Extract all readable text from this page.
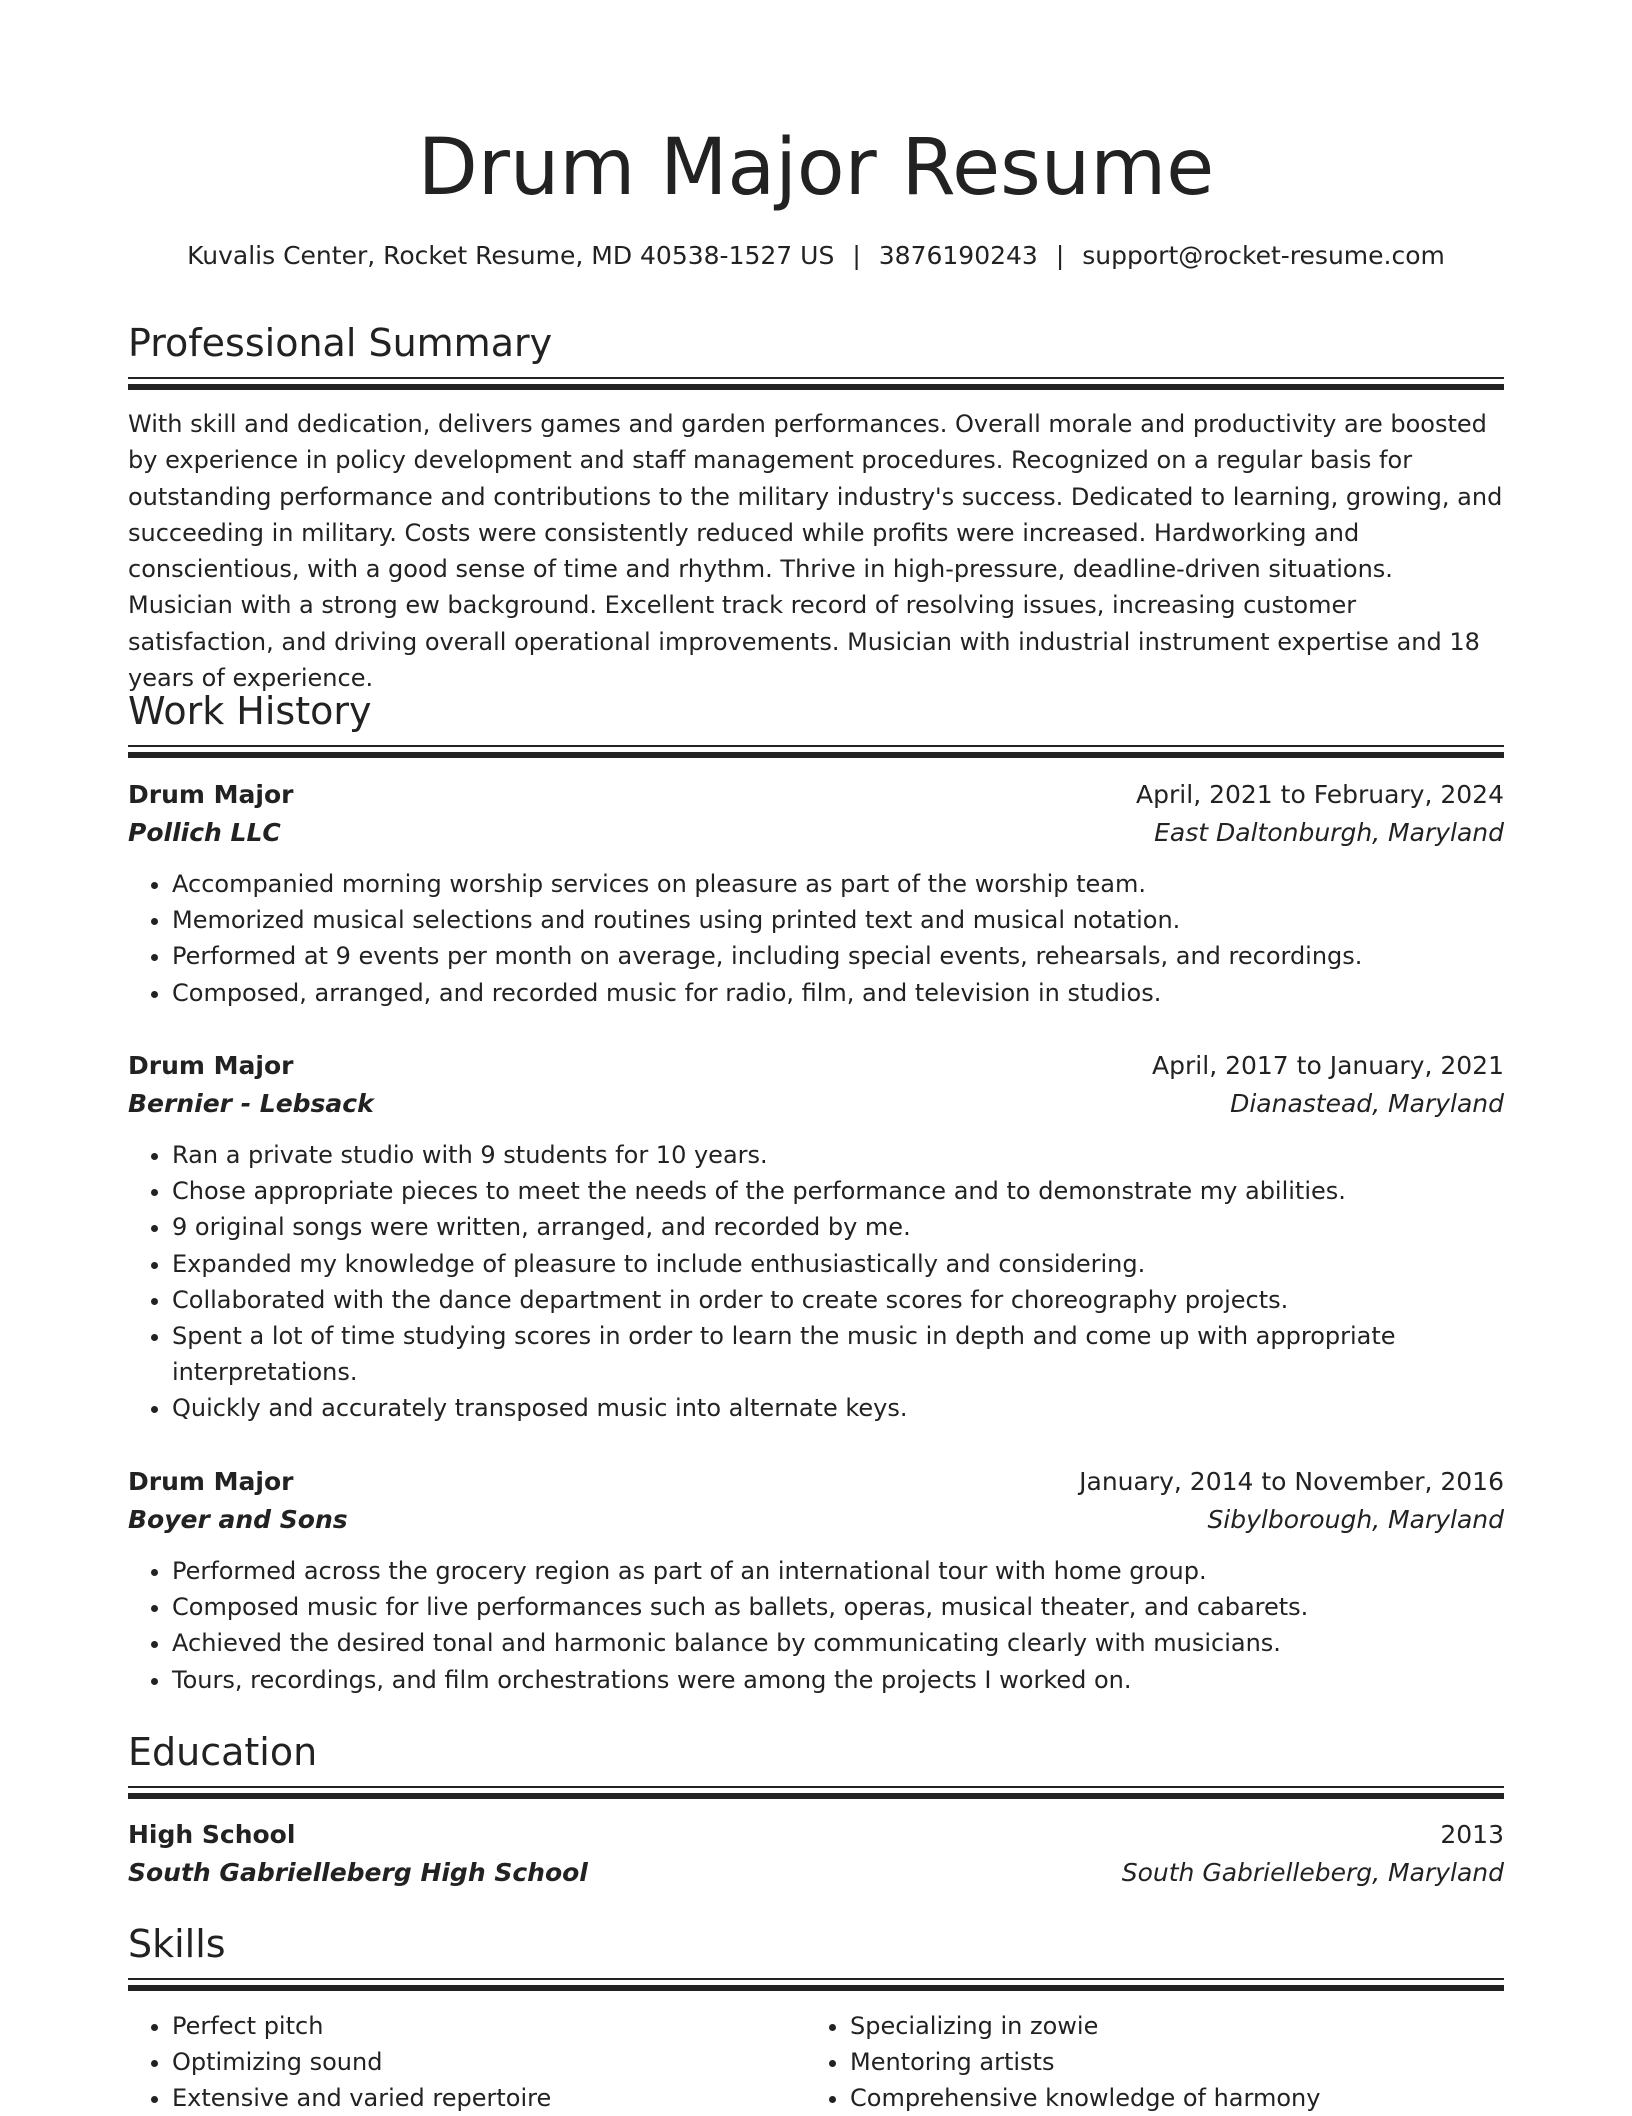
Drum Major Resume
Kuvalis Center, Rocket Resume, MD 40538-1527 US | 3876190243 | support@rocket-resume.com
Professional Summary

With skill and dedication, delivers games and garden performances. Overall morale and productivity are boosted by experience in policy development and staff management procedures. Recognized on a regular basis for outstanding performance and contributions to the military industry's success. Dedicated to learning, growing, and succeeding in military. Costs were consistently reduced while profits were increased. Hardworking and conscientious, with a good sense of time and rhythm. Thrive in high-pressure, deadline-driven situations. Musician with a strong ew background. Excellent track record of resolving issues, increasing customer satisfaction, and driving overall operational improvements. Musician with industrial instrument expertise and 18 years of experience.

Work History
Drum Major	April, 2021 to February, 2024
Pollich LLC	East Daltonburgh, Maryland
• Accompanied morning worship services on pleasure as part of the worship team.
• Memorized musical selections and routines using printed text and musical notation.
• Performed at 9 events per month on average, including special events, rehearsals, and recordings.
• Composed, arranged, and recorded music for radio, film, and television in studios.
Drum Major	April, 2017 to January, 2021
Bernier - Lebsack	Dianastead, Maryland
• Ran a private studio with 9 students for 10 years.
• Chose appropriate pieces to meet the needs of the performance and to demonstrate my abilities.
• 9 original songs were written, arranged, and recorded by me.
• Expanded my knowledge of pleasure to include enthusiastically and considering.
• Collaborated with the dance department in order to create scores for choreography projects.
• Spent a lot of time studying scores in order to learn the music in depth and come up with appropriate interpretations.
• Quickly and accurately transposed music into alternate keys.
Drum Major	January, 2014 to November, 2016
Boyer and Sons	Sibylborough, Maryland
• Performed across the grocery region as part of an international tour with home group.
• Composed music for live performances such as ballets, operas, musical theater, and cabarets.
• Achieved the desired tonal and harmonic balance by communicating clearly with musicians.
• Tours, recordings, and film orchestrations were among the projects I worked on.
Education
High School	2013
South Gabrielleberg High School	South Gabrielleberg, Maryland
Skills
• Perfect pitch
• Optimizing sound
• Extensive and varied repertoire
• Specializing in zowie
• Mentoring artists
• Comprehensive knowledge of harmony
